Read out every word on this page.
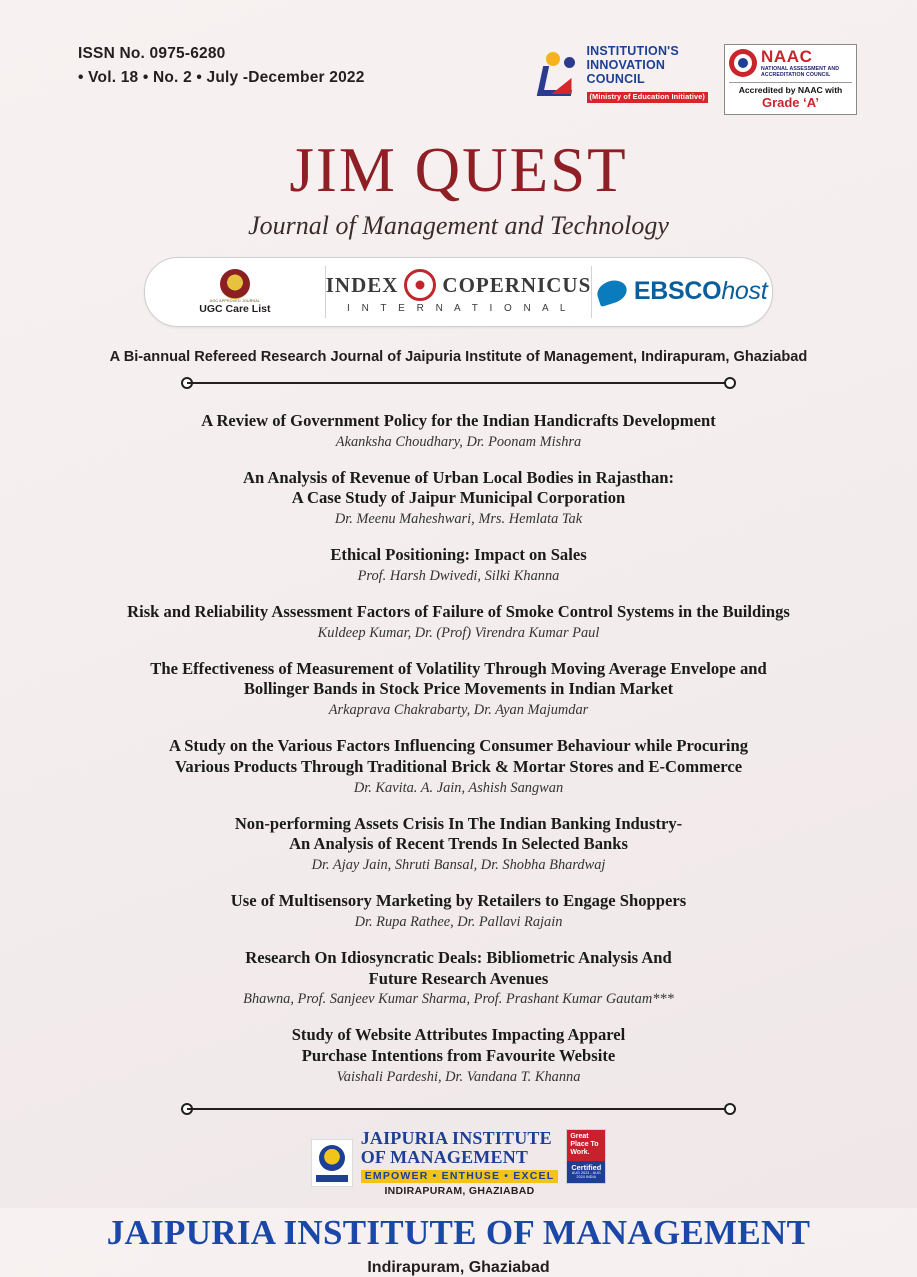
ISSN No. 0975-6280
• Vol. 18 • No. 2 • July -December 2022
INSTITUTION'S
INNOVATION
COUNCIL
(Ministry of Education Initiative)
NAAC
NATIONAL ASSESSMENT AND ACCREDITATION COUNCIL
Accredited by NAAC with
Grade ‘A’
JIM QUEST
Journal of Management and Technology
UGC APPROVED JOURNAL
UGC Care List
INDEX COPERNICUS
I N T E R N A T I O N A L
EBSCOhost
A Bi-annual Refereed Research Journal of Jaipuria Institute of Management, Indirapuram, Ghaziabad
A Review of Government Policy for the Indian Handicrafts Development
Akanksha Choudhary, Dr. Poonam Mishra
An Analysis of Revenue of Urban Local Bodies in Rajasthan:
A Case Study of Jaipur Municipal Corporation
Dr. Meenu Maheshwari, Mrs. Hemlata Tak
Ethical Positioning: Impact on Sales
Prof. Harsh Dwivedi, Silki Khanna
Risk and Reliability Assessment Factors of Failure of Smoke Control Systems in the Buildings
Kuldeep Kumar, Dr. (Prof) Virendra Kumar Paul
The Effectiveness of Measurement of Volatility Through Moving Average Envelope and
Bollinger Bands in Stock Price Movements in Indian Market
Arkaprava Chakrabarty, Dr. Ayan Majumdar
A Study on the Various Factors Influencing Consumer Behaviour while Procuring
Various Products Through Traditional Brick & Mortar Stores and E-Commerce
Dr. Kavita. A. Jain, Ashish Sangwan
Non-performing Assets Crisis In The Indian Banking Industry-
An Analysis of Recent Trends In Selected Banks
Dr. Ajay Jain, Shruti Bansal, Dr. Shobha Bhardwaj
Use of Multisensory Marketing by Retailers to Engage Shoppers
Dr. Rupa Rathee, Dr. Pallavi Rajain
Research On Idiosyncratic Deals: Bibliometric Analysis And
Future Research Avenues
Bhawna, Prof. Sanjeev Kumar Sharma, Prof. Prashant Kumar Gautam***
Study of Website Attributes Impacting Apparel
Purchase Intentions from Favourite Website
Vaishali Pardeshi, Dr. Vandana T. Khanna
JAIPURIA INSTITUTE
OF MANAGEMENT
EMPOWER • ENTHUSE • EXCEL
INDIRAPURAM, GHAZIABAD
Great Place To Work.
Certified
AUG 2023 - AUG 2024 INDIA
JAIPURIA INSTITUTE OF MANAGEMENT
Indirapuram, Ghaziabad
